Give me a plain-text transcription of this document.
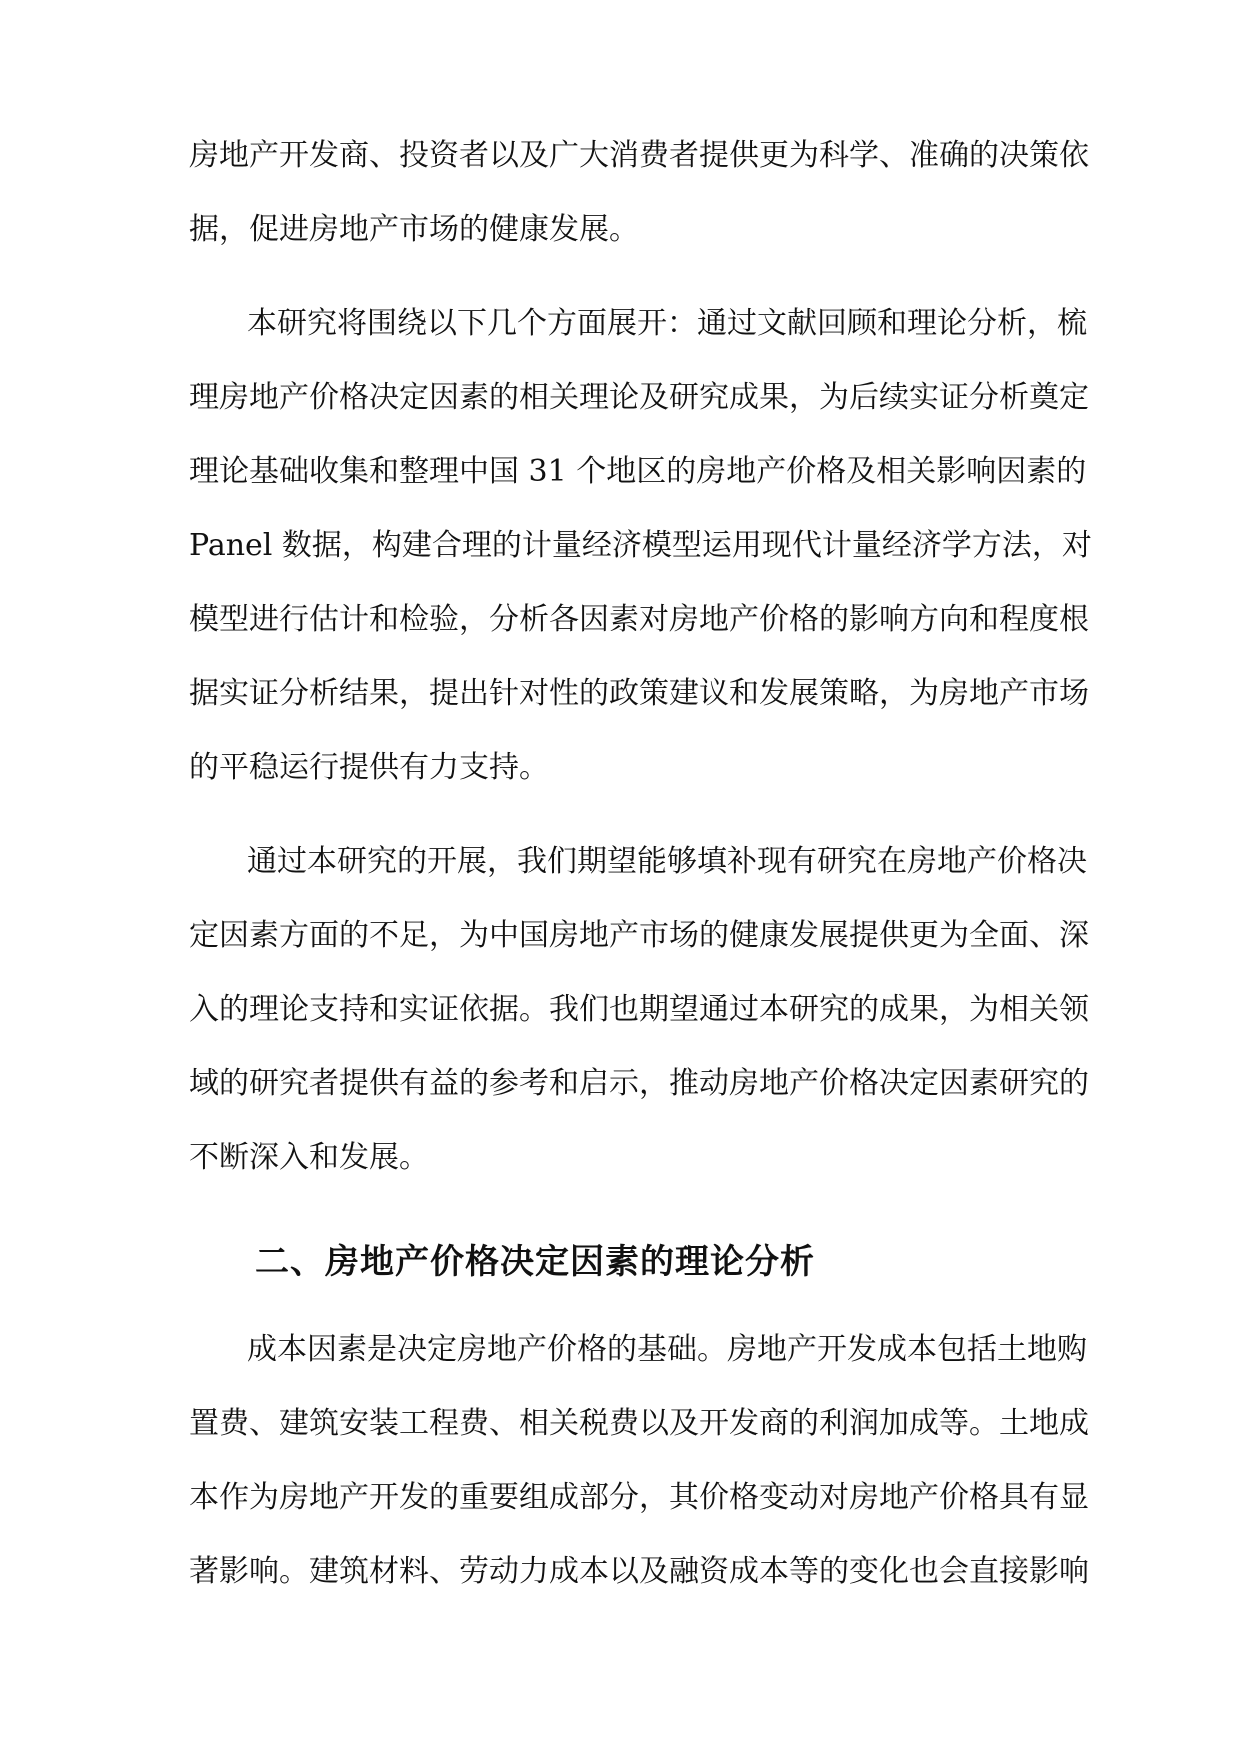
房地产开发商、投资者以及广大消费者提供更为科学、准确的决策依
据，促进房地产市场的健康发展。
本研究将围绕以下几个方面展开：通过文献回顾和理论分析，梳
理房地产价格决定因素的相关理论及研究成果，为后续实证分析奠定
理论基础收集和整理中国 31 个地区的房地产价格及相关影响因素的
Panel 数据，构建合理的计量经济模型运用现代计量经济学方法，对
模型进行估计和检验，分析各因素对房地产价格的影响方向和程度根
据实证分析结果，提出针对性的政策建议和发展策略，为房地产市场
的平稳运行提供有力支持。
通过本研究的开展，我们期望能够填补现有研究在房地产价格决
定因素方面的不足，为中国房地产市场的健康发展提供更为全面、深
入的理论支持和实证依据。我们也期望通过本研究的成果，为相关领
域的研究者提供有益的参考和启示，推动房地产价格决定因素研究的
不断深入和发展。
二、房地产价格决定因素的理论分析
成本因素是决定房地产价格的基础。房地产开发成本包括土地购
置费、建筑安装工程费、相关税费以及开发商的利润加成等。土地成
本作为房地产开发的重要组成部分，其价格变动对房地产价格具有显
著影响。建筑材料、劳动力成本以及融资成本等的变化也会直接影响
